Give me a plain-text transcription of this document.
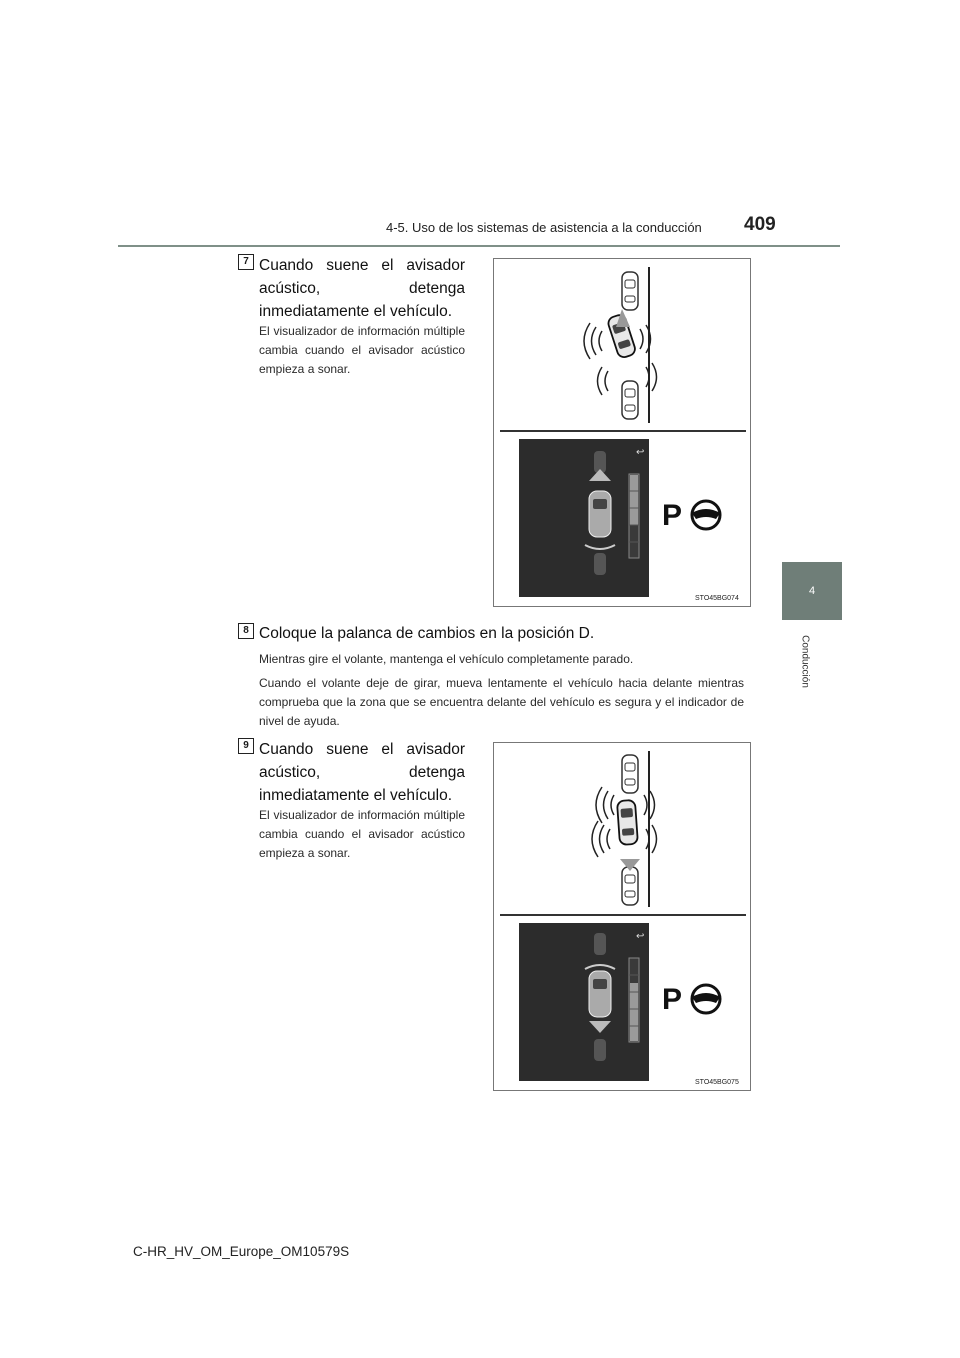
4-5. Uso de los sistemas de asistencia a la conducción 409
4
Conducción
7 Cuando suene el avisador acústico, detenga inmediatamente el vehículo.
El visualizador de información múltiple cambia cuando el avisador acústico empieza a sonar.
↩
P
STO45BG074
8 Coloque la palanca de cambios en la posición D.
Mientras gire el volante, mantenga el vehículo completamente parado.
Cuando el volante deje de girar, mueva lentamente el vehículo hacia delante mientras comprueba que la zona que se encuentra delante del vehículo es segura y el indicador de nivel de ayuda.
9 Cuando suene el avisador acústico, detenga inmediatamente el vehículo.
El visualizador de información múltiple cambia cuando el avisador acústico empieza a sonar.
↩
P
STO45BG075
C-HR_HV_OM_Europe_OM10579S
